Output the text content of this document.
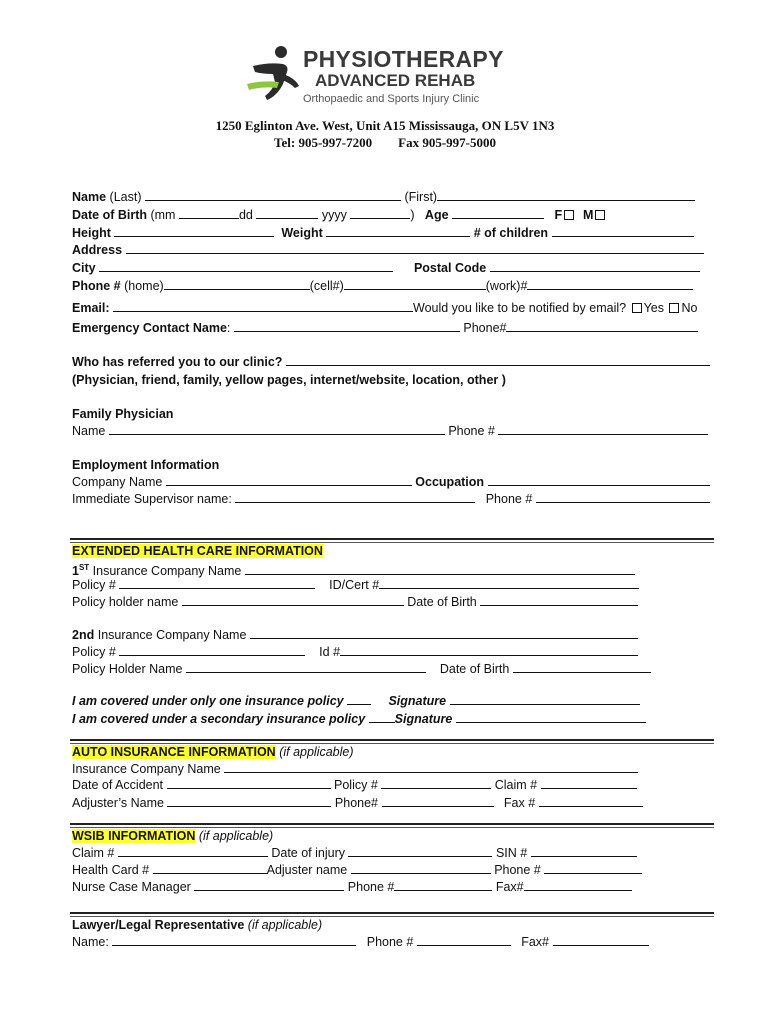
PHYSIOTHERAPY
ADVANCED REHAB
Orthopaedic and Sports Injury Clinic
1250 Eglinton Ave. West, Unit A15 Mississauga, ON L5V 1N3
Tel: 905-997-7200 Fax 905-997-5000
Name (Last)	(First)
Date of Birth (mm	dd	yyyy	) Age	F M
Height	Weight	# of children
Address
City	Postal Code
Phone # (home)	(cell#)	(work)#
Email:	Would you like to be notified by email? Yes No
Emergency Contact Name:	Phone#
Who has referred you to our clinic?
(Physician, friend, family, yellow pages, internet/website, location, other )
Family Physician
Name	Phone #
Employment Information
Company Name	Occupation
Immediate Supervisor name:	Phone #
EXTENDED HEALTH CARE INFORMATION
1ST Insurance Company Name
Policy #	ID/Cert #
Policy holder name	Date of Birth
2nd Insurance Company Name
Policy #	Id #
Policy Holder Name	Date of Birth
I am covered under only one insurance policy	Signature
I am covered under a secondary insurance policy Signature
AUTO INSURANCE INFORMATION (if applicable)
Insurance Company Name
Date of Accident	Policy #	Claim #
Adjuster’s Name	Phone#	Fax #
WSIB INFORMATION (if applicable)
Claim #	Date of injury	SIN #
Health Card #	Adjuster name	Phone #
Nurse Case Manager	Phone #	Fax#
Lawyer/Legal Representative (if applicable)
Name:	Phone #	Fax#
